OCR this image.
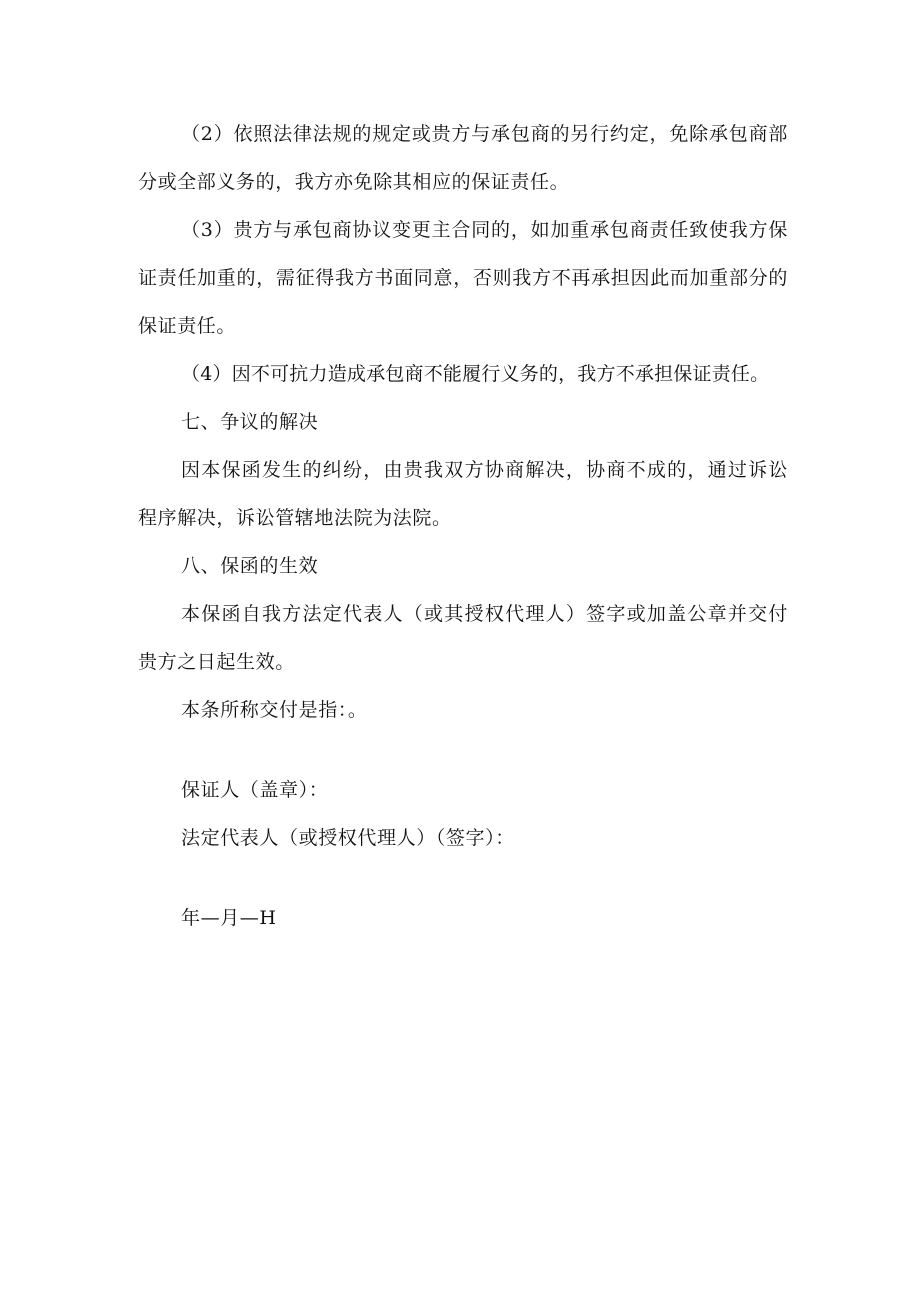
（2）依照法律法规的规定或贵方与承包商的另行约定，免除承包商部分或全部义务的，我方亦免除其相应的保证责任。

（3）贵方与承包商协议变更主合同的，如加重承包商责任致使我方保证责任加重的，需征得我方书面同意，否则我方不再承担因此而加重部分的保证责任。

（4）因不可抗力造成承包商不能履行义务的，我方不承担保证责任。

七、争议的解决

因本保函发生的纠纷，由贵我双方协商解决，协商不成的，通过诉讼程序解决，诉讼管辖地法院为法院。

八、保函的生效

本保函自我方法定代表人（或其授权代理人）签字或加盖公章并交付贵方之日起生效。

本条所称交付是指：。

保证人（盖章）：

法定代表人（或授权代理人）（签字）：

年—月—H
